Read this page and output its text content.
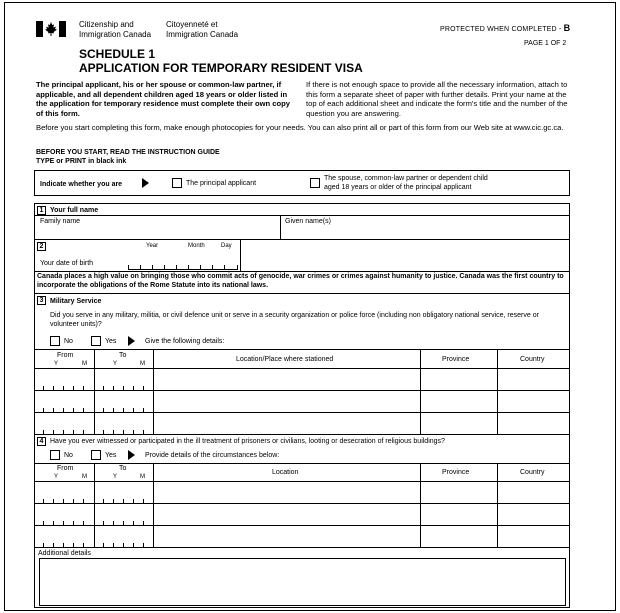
Citizenship and
Immigration Canada
Citoyenneté et
Immigration Canada
PROTECTED WHEN COMPLETED - B
PAGE 1 OF 2
SCHEDULE 1
APPLICATION FOR TEMPORARY RESIDENT VISA
The principal applicant, his or her spouse or common-law partner, if applicable, and all dependent children aged 18 years or older listed in the application for temporary residence must complete their own copy of this form.
If there is not enough space to provide all the necessary information, attach to this form a separate sheet of paper with further details. Print your name at the top of each additional sheet and indicate the form's title and the number of the question you are answering.
Before you start completing this form, make enough photocopies for your needs. You can also print all or part of this form from our Web site at www.cic.gc.ca.
BEFORE YOU START, READ THE INSTRUCTION GUIDE
TYPE or PRINT in black ink
Indicate whether you are	The principal applicant
The spouse, common-law partner or dependent child
aged 18 years or older of the principal applicant
1 Your full name
Family name	Given name(s)
2	Year	Month	Day
Your date of birth
Canada places a high value on bringing those who commit acts of genocide, war crimes or crimes against humanity to justice. Canada was the first country to incorporate the obligations of the Rome Statute into its national laws.
3 Military Service
Did you serve in any military, militia, or civil defence unit or serve in a security organization or police force (including non obligatory national service, reserve or volunteer units)?
No	Yes	Give the following details:
From	To
Y	M	Y	M
Location/Place where stationed	Province	Country
4 Have you ever witnessed or participated in the ill treatment of prisoners or civilians, looting or desecration of religious buildings?
No	Yes	Provide details of the circumstances below:
From	To
Y	M	Y	M
Location	Province	Country
Additional details
